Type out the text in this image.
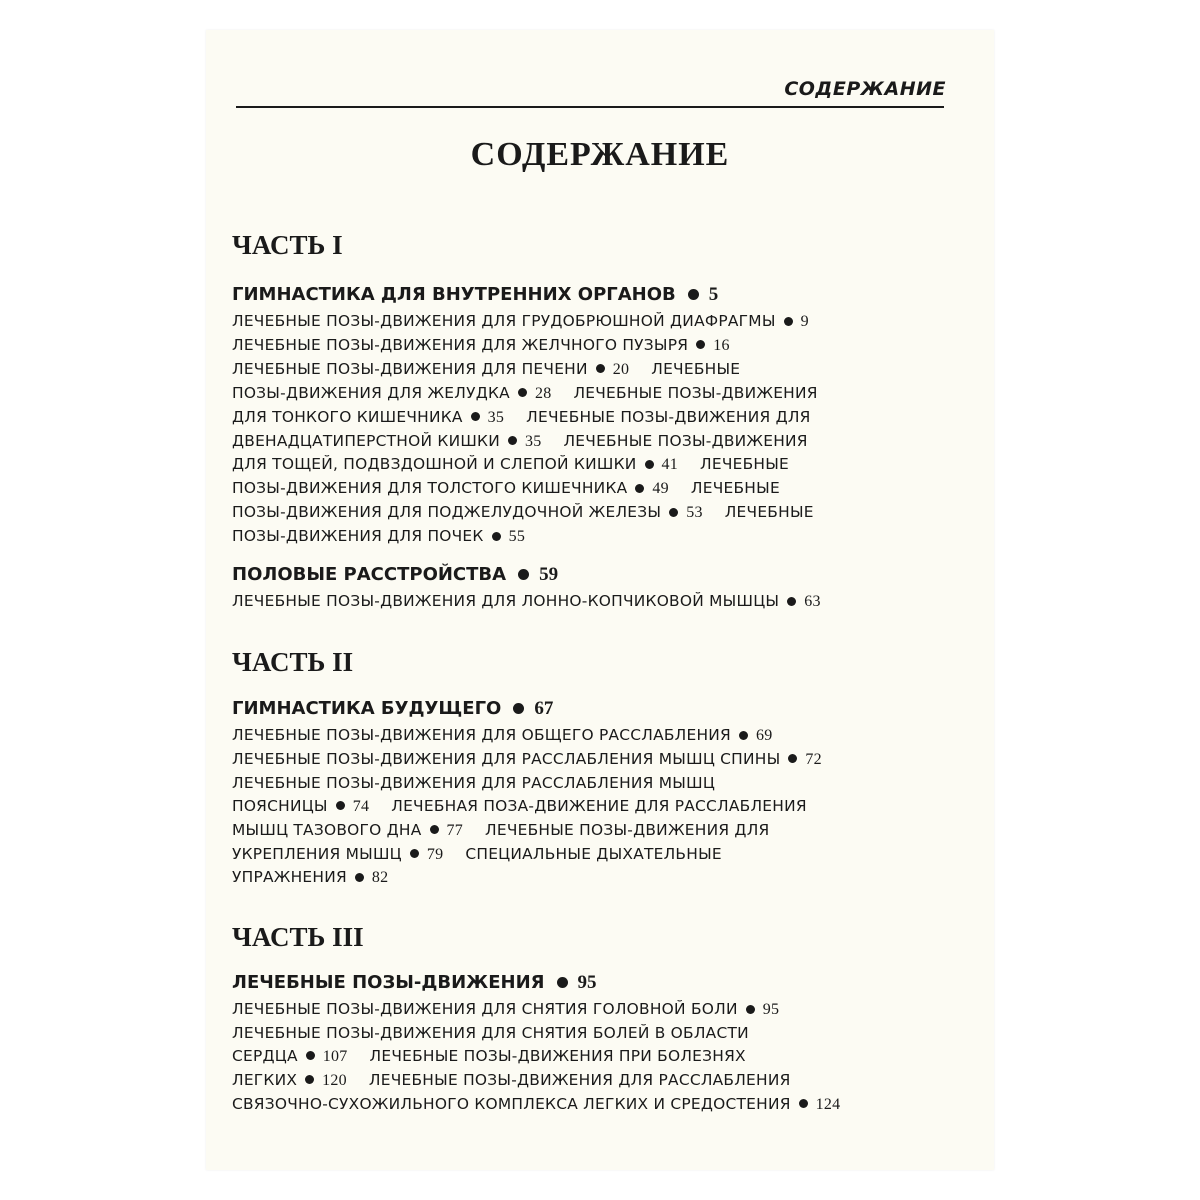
СОДЕРЖАНИЕ
СОДЕРЖАНИЕ
ЧАСТЬ I
ГИМНАСТИКА ДЛЯ ВНУТРЕННИХ ОРГАНОВ 5
ЛЕЧЕБНЫЕ ПОЗЫ-ДВИЖЕНИЯ ДЛЯ ГРУДОБРЮШНОЙ ДИАФРАГМЫ 9
ЛЕЧЕБНЫЕ ПОЗЫ-ДВИЖЕНИЯ ДЛЯ ЖЕЛЧНОГО ПУЗЫРЯ 16
ЛЕЧЕБНЫЕ ПОЗЫ-ДВИЖЕНИЯ ДЛЯ ПЕЧЕНИ 20 ЛЕЧЕБНЫЕ
ПОЗЫ-ДВИЖЕНИЯ ДЛЯ ЖЕЛУДКА 28 ЛЕЧЕБНЫЕ ПОЗЫ-ДВИЖЕНИЯ
ДЛЯ ТОНКОГО КИШЕЧНИКА 35 ЛЕЧЕБНЫЕ ПОЗЫ-ДВИЖЕНИЯ ДЛЯ
ДВЕНАДЦАТИПЕРСТНОЙ КИШКИ 35 ЛЕЧЕБНЫЕ ПОЗЫ-ДВИЖЕНИЯ
ДЛЯ ТОЩЕЙ, ПОДВЗДОШНОЙ И СЛЕПОЙ КИШКИ 41 ЛЕЧЕБНЫЕ
ПОЗЫ-ДВИЖЕНИЯ ДЛЯ ТОЛСТОГО КИШЕЧНИКА 49 ЛЕЧЕБНЫЕ
ПОЗЫ-ДВИЖЕНИЯ ДЛЯ ПОДЖЕЛУДОЧНОЙ ЖЕЛЕЗЫ 53 ЛЕЧЕБНЫЕ
ПОЗЫ-ДВИЖЕНИЯ ДЛЯ ПОЧЕК 55
ПОЛОВЫЕ РАССТРОЙСТВА 59
ЛЕЧЕБНЫЕ ПОЗЫ-ДВИЖЕНИЯ ДЛЯ ЛОННО-КОПЧИКОВОЙ МЫШЦЫ 63
ЧАСТЬ II
ГИМНАСТИКА БУДУЩЕГО 67
ЛЕЧЕБНЫЕ ПОЗЫ-ДВИЖЕНИЯ ДЛЯ ОБЩЕГО РАССЛАБЛЕНИЯ 69
ЛЕЧЕБНЫЕ ПОЗЫ-ДВИЖЕНИЯ ДЛЯ РАССЛАБЛЕНИЯ МЫШЦ СПИНЫ 72
ЛЕЧЕБНЫЕ ПОЗЫ-ДВИЖЕНИЯ ДЛЯ РАССЛАБЛЕНИЯ МЫШЦ
ПОЯСНИЦЫ 74 ЛЕЧЕБНАЯ ПОЗА-ДВИЖЕНИЕ ДЛЯ РАССЛАБЛЕНИЯ
МЫШЦ ТАЗОВОГО ДНА 77 ЛЕЧЕБНЫЕ ПОЗЫ-ДВИЖЕНИЯ ДЛЯ
УКРЕПЛЕНИЯ МЫШЦ 79 СПЕЦИАЛЬНЫЕ ДЫХАТЕЛЬНЫЕ
УПРАЖНЕНИЯ 82
ЧАСТЬ III
ЛЕЧЕБНЫЕ ПОЗЫ-ДВИЖЕНИЯ 95
ЛЕЧЕБНЫЕ ПОЗЫ-ДВИЖЕНИЯ ДЛЯ СНЯТИЯ ГОЛОВНОЙ БОЛИ 95
ЛЕЧЕБНЫЕ ПОЗЫ-ДВИЖЕНИЯ ДЛЯ СНЯТИЯ БОЛЕЙ В ОБЛАСТИ
СЕРДЦА 107 ЛЕЧЕБНЫЕ ПОЗЫ-ДВИЖЕНИЯ ПРИ БОЛЕЗНЯХ
ЛЕГКИХ 120 ЛЕЧЕБНЫЕ ПОЗЫ-ДВИЖЕНИЯ ДЛЯ РАССЛАБЛЕНИЯ
СВЯЗОЧНО-СУХОЖИЛЬНОГО КОМПЛЕКСА ЛЕГКИХ И СРЕДОСТЕНИЯ 124
